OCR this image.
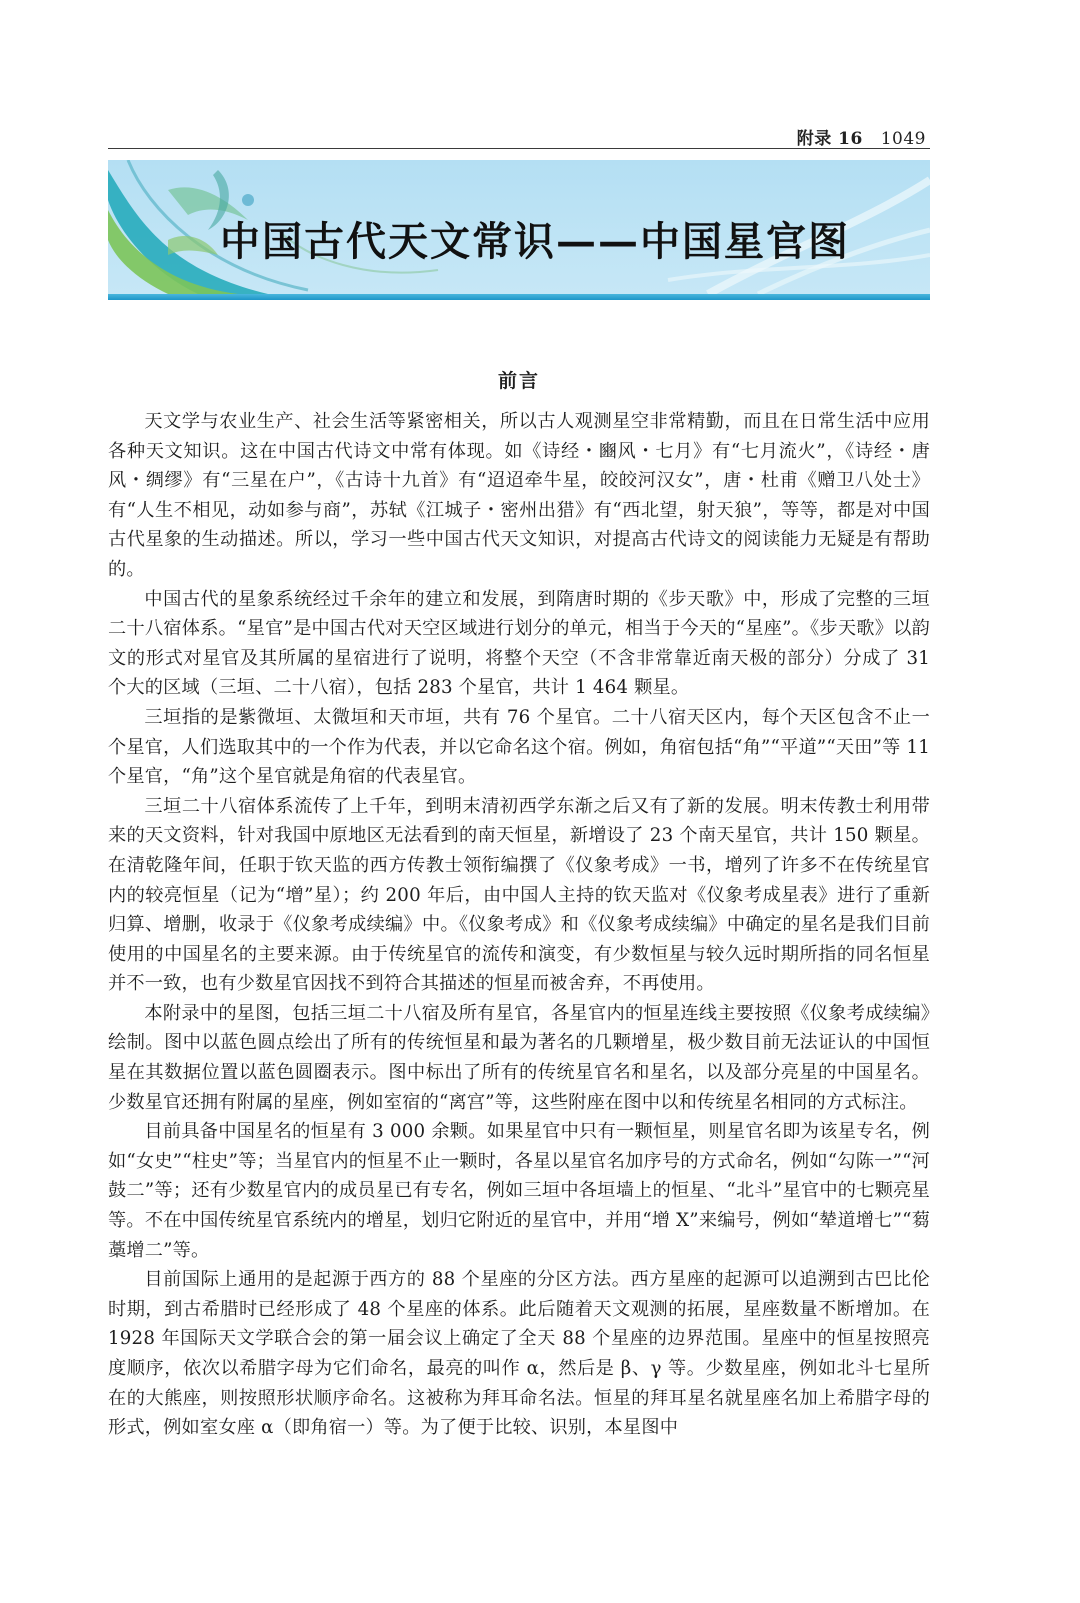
附录 16 1049
中国古代天文常识——中国星官图
前言

天文学与农业生产、社会生活等紧密相关，所以古人观测星空非常精勤，而且在日常生活中应用各种天文知识。这在中国古代诗文中常有体现。如《诗经・豳风・七月》有“七月流火”，《诗经・唐风・绸缪》有“三星在户”，《古诗十九首》有“迢迢牵牛星，皎皎河汉女”，唐・杜甫《赠卫八处士》有“人生不相见，动如参与商”，苏轼《江城子・密州出猎》有“西北望，射天狼”，等等，都是对中国古代星象的生动描述。所以，学习一些中国古代天文知识，对提高古代诗文的阅读能力无疑是有帮助的。

中国古代的星象系统经过千余年的建立和发展，到隋唐时期的《步天歌》中，形成了完整的三垣二十八宿体系。“星官”是中国古代对天空区域进行划分的单元，相当于今天的“星座”。《步天歌》以韵文的形式对星官及其所属的星宿进行了说明，将整个天空（不含非常靠近南天极的部分）分成了 31 个大的区域（三垣、二十八宿），包括 283 个星官，共计 1 464 颗星。

三垣指的是紫微垣、太微垣和天市垣，共有 76 个星官。二十八宿天区内，每个天区包含不止一个星官，人们选取其中的一个作为代表，并以它命名这个宿。例如，角宿包括“角”“平道”“天田”等 11 个星官，“角”这个星官就是角宿的代表星官。

三垣二十八宿体系流传了上千年，到明末清初西学东渐之后又有了新的发展。明末传教士利用带来的天文资料，针对我国中原地区无法看到的南天恒星，新增设了 23 个南天星官，共计 150 颗星。在清乾隆年间，任职于钦天监的西方传教士领衔编撰了《仪象考成》一书，增列了许多不在传统星官内的较亮恒星（记为“增”星）；约 200 年后，由中国人主持的钦天监对《仪象考成星表》进行了重新归算、增删，收录于《仪象考成续编》中。《仪象考成》和《仪象考成续编》中确定的星名是我们目前使用的中国星名的主要来源。由于传统星官的流传和演变，有少数恒星与较久远时期所指的同名恒星并不一致，也有少数星官因找不到符合其描述的恒星而被舍弃，不再使用。

本附录中的星图，包括三垣二十八宿及所有星官，各星官内的恒星连线主要按照《仪象考成续编》绘制。图中以蓝色圆点绘出了所有的传统恒星和最为著名的几颗增星，极少数目前无法证认的中国恒星在其数据位置以蓝色圆圈表示。图中标出了所有的传统星官名和星名，以及部分亮星的中国星名。少数星官还拥有附属的星座，例如室宿的“离宫”等，这些附座在图中以和传统星名相同的方式标注。

目前具备中国星名的恒星有 3 000 余颗。如果星官中只有一颗恒星，则星官名即为该星专名，例如“女史”“柱史”等；当星官内的恒星不止一颗时，各星以星官名加序号的方式命名，例如“勾陈一”“河鼓二”等；还有少数星官内的成员星已有专名，例如三垣中各垣墙上的恒星、“北斗”星官中的七颗亮星等。不在中国传统星官系统内的增星，划归它附近的星官中，并用“增 X”来编号，例如“辇道增七”“蒭藁增二”等。

目前国际上通用的是起源于西方的 88 个星座的分区方法。西方星座的起源可以追溯到古巴比伦时期，到古希腊时已经形成了 48 个星座的体系。此后随着天文观测的拓展，星座数量不断增加。在 1928 年国际天文学联合会的第一届会议上确定了全天 88 个星座的边界范围。星座中的恒星按照亮度顺序，依次以希腊字母为它们命名，最亮的叫作 α，然后是 β、γ 等。少数星座，例如北斗七星所在的大熊座，则按照形状顺序命名。这被称为拜耳命名法。恒星的拜耳星名就星座名加上希腊字母的形式，例如室女座 α（即角宿一）等。为了便于比较、识别，本星图中
